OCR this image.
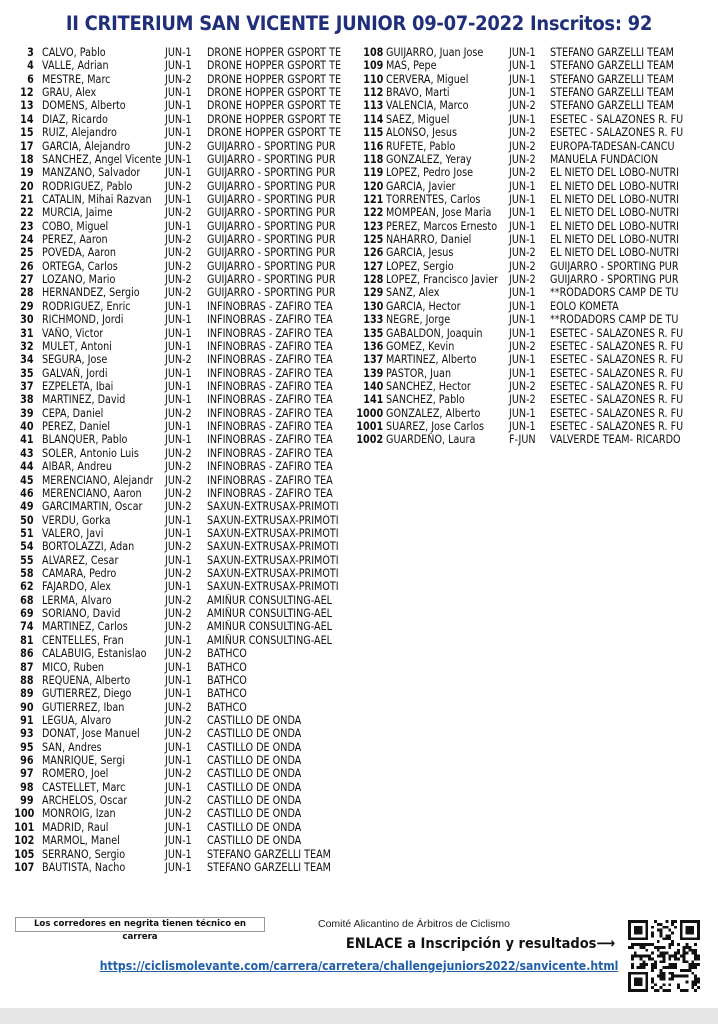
II CRITERIUM SAN VICENTE JUNIOR 09-07-2022 Inscritos: 92
3 CALVO, Pablo	JUN-1 DRONE HOPPER GSPORT TE
4 VALLE, Adrian	JUN-1 DRONE HOPPER GSPORT TE
6 MESTRE, Marc	JUN-2 DRONE HOPPER GSPORT TE
12 GRAU, Alex	JUN-1 DRONE HOPPER GSPORT TE
13 DOMENS, Alberto	JUN-1 DRONE HOPPER GSPORT TE
14 DIAZ, Ricardo	JUN-1 DRONE HOPPER GSPORT TE
15 RUIZ, Alejandro	JUN-1 DRONE HOPPER GSPORT TE
17 GARCIA, Alejandro	JUN-2 GUIJARRO - SPORTING PUR
18 SANCHEZ, Angel Vicente JUN-1 GUIJARRO - SPORTING PUR
19 MANZANO, Salvador JUN-1 GUIJARRO - SPORTING PUR
20 RODRIGUEZ, Pablo	JUN-2 GUIJARRO - SPORTING PUR
21 CATALIN, Mihai Razvan JUN-1 GUIJARRO - SPORTING PUR
22 MURCIA, Jaime	JUN-2 GUIJARRO - SPORTING PUR
23 COBO, Miguel	JUN-1 GUIJARRO - SPORTING PUR
24 PEREZ, Aaron	JUN-2 GUIJARRO - SPORTING PUR
25 POVEDA, Aaron	JUN-2 GUIJARRO - SPORTING PUR
26 ORTEGA, Carlos	JUN-2 GUIJARRO - SPORTING PUR
27 LOZANO, Mario	JUN-2 GUIJARRO - SPORTING PUR
28 HERNANDEZ, Sergio JUN-2 GUIJARRO - SPORTING PUR
29 RODRIGUEZ, Enric	JUN-1 INFINOBRAS - ZAFIRO TEA
30 RICHMOND, Jordi	JUN-1 INFINOBRAS - ZAFIRO TEA
31 VAÑO, Victor	JUN-1 INFINOBRAS - ZAFIRO TEA
32 MULET, Antoni	JUN-1 INFINOBRAS - ZAFIRO TEA
34 SEGURA, Jose	JUN-2 INFINOBRAS - ZAFIRO TEA
35 GALVAÑ, Jordi	JUN-1 INFINOBRAS - ZAFIRO TEA
37 EZPELETA, Ibai	JUN-1 INFINOBRAS - ZAFIRO TEA
38 MARTINEZ, David	JUN-1 INFINOBRAS - ZAFIRO TEA
39 CEPA, Daniel	JUN-2 INFINOBRAS - ZAFIRO TEA
40 PEREZ, Daniel	JUN-1 INFINOBRAS - ZAFIRO TEA
41 BLANQUER, Pablo	JUN-1 INFINOBRAS - ZAFIRO TEA
43 SOLER, Antonio Luis JUN-2 INFINOBRAS - ZAFIRO TEA
44 AIBAR, Andreu	JUN-2 INFINOBRAS - ZAFIRO TEA
45 MERENCIANO, Alejandr JUN-2 INFINOBRAS - ZAFIRO TEA
46 MERENCIANO, Aaron JUN-2 INFINOBRAS - ZAFIRO TEA
49 GARCIMARTIN, Oscar JUN-2 SAXUN-EXTRUSAX-PRIMOTI
50 VERDU, Gorka	JUN-1 SAXUN-EXTRUSAX-PRIMOTI
51 VALERO, Javi	JUN-1 SAXUN-EXTRUSAX-PRIMOTI
54 BORTOLAZZI, Adan	JUN-2 SAXUN-EXTRUSAX-PRIMOTI
55 ALVAREZ, Cesar	JUN-1 SAXUN-EXTRUSAX-PRIMOTI
58 CAMARA, Pedro	JUN-2 SAXUN-EXTRUSAX-PRIMOTI
62 FAJARDO, Alex	JUN-1 SAXUN-EXTRUSAX-PRIMOTI
68 LERMA, Alvaro	JUN-2 AMIÑUR CONSULTING-AEL
69 SORIANO, David	JUN-2 AMIÑUR CONSULTING-AEL
74 MARTINEZ, Carlos	JUN-2 AMIÑUR CONSULTING-AEL
81 CENTELLES, Fran	JUN-1 AMIÑUR CONSULTING-AEL
86 CALABUIG, Estanislao JUN-2 BATHCO
87 MICO, Ruben	JUN-1 BATHCO
88 REQUENA, Alberto	JUN-1 BATHCO
89 GUTIERREZ, Diego	JUN-1 BATHCO
90 GUTIERREZ, Iban	JUN-2 BATHCO
91 LEGUA, Alvaro	JUN-2 CASTILLO DE ONDA
93 DONAT, Jose Manuel JUN-2 CASTILLO DE ONDA
95 SAN, Andres	JUN-1 CASTILLO DE ONDA
96 MANRIQUE, Sergi	JUN-1 CASTILLO DE ONDA
97 ROMERO, Joel	JUN-2 CASTILLO DE ONDA
98 CASTELLET, Marc	JUN-1 CASTILLO DE ONDA
99 ARCHELOS, Oscar	JUN-2 CASTILLO DE ONDA
100 MONROIG, Izan	JUN-2 CASTILLO DE ONDA
101 MADRID, Raul	JUN-1 CASTILLO DE ONDA
102 MARMOL, Manel	JUN-1 CASTILLO DE ONDA
105 SERRANO, Sergio	JUN-1 STEFANO GARZELLI TEAM
107 BAUTISTA, Nacho	JUN-1 STEFANO GARZELLI TEAM
108 GUIJARRO, Juan Jose JUN-1 STEFANO GARZELLI TEAM
109 MAS, Pepe	JUN-1 STEFANO GARZELLI TEAM
110 CERVERA, Miguel	JUN-1 STEFANO GARZELLI TEAM
112 BRAVO, Marti	JUN-1 STEFANO GARZELLI TEAM
113 VALENCIA, Marco	JUN-2 STEFANO GARZELLI TEAM
114 SAEZ, Miguel	JUN-1 ESETEC - SALAZONES R. FU
115 ALONSO, Jesus	JUN-2 ESETEC - SALAZONES R. FU
116 RUFETE, Pablo	JUN-2 EUROPA-TADESAN-CANCU
118 GONZALEZ, Yeray	JUN-2 MANUELA FUNDACION
119 LOPEZ, Pedro Jose	JUN-2 EL NIETO DEL LOBO-NUTRI
120 GARCIA, Javier	JUN-1 EL NIETO DEL LOBO-NUTRI
121 TORRENTES, Carlos	JUN-1 EL NIETO DEL LOBO-NUTRI
122 MOMPEAN, Jose Maria JUN-1 EL NIETO DEL LOBO-NUTRI
123 PEREZ, Marcos Ernesto JUN-1 EL NIETO DEL LOBO-NUTRI
125 NAHARRO, Daniel	JUN-1 EL NIETO DEL LOBO-NUTRI
126 GARCIA, Jesus	JUN-2 EL NIETO DEL LOBO-NUTRI
127 LOPEZ, Sergio	JUN-2 GUIJARRO - SPORTING PUR
128 LOPEZ, Francisco Javier JUN-2 GUIJARRO - SPORTING PUR
129 SANZ, Alex	JUN-1 **RODADORS CAMP DE TU
130 GARCIA, Hector	JUN-1 EOLO KOMETA
133 NEGRE, Jorge	JUN-1 **RODADORS CAMP DE TU
135 GABALDON, Joaquin JUN-1 ESETEC - SALAZONES R. FU
136 GOMEZ, Kevin	JUN-2 ESETEC - SALAZONES R. FU
137 MARTINEZ, Alberto	JUN-1 ESETEC - SALAZONES R. FU
139 PASTOR, Juan	JUN-1 ESETEC - SALAZONES R. FU
140 SANCHEZ, Hector	JUN-2 ESETEC - SALAZONES R. FU
141 SANCHEZ, Pablo	JUN-2 ESETEC - SALAZONES R. FU
1000 GONZALEZ, Alberto	JUN-1 ESETEC - SALAZONES R. FU
1001 SUAREZ, Jose Carlos JUN-1 ESETEC - SALAZONES R. FU
1002 GUARDEÑO, Laura	F-JUN VALVERDE TEAM- RICARDO
Los corredores en negrita tienen técnico en carrera
Comité Alicantino de Árbitros de Ciclismo
ENLACE a Inscripción y resultados⟶
https://ciclismolevante.com/carrera/carretera/challengejuniors2022/sanvicente.html
